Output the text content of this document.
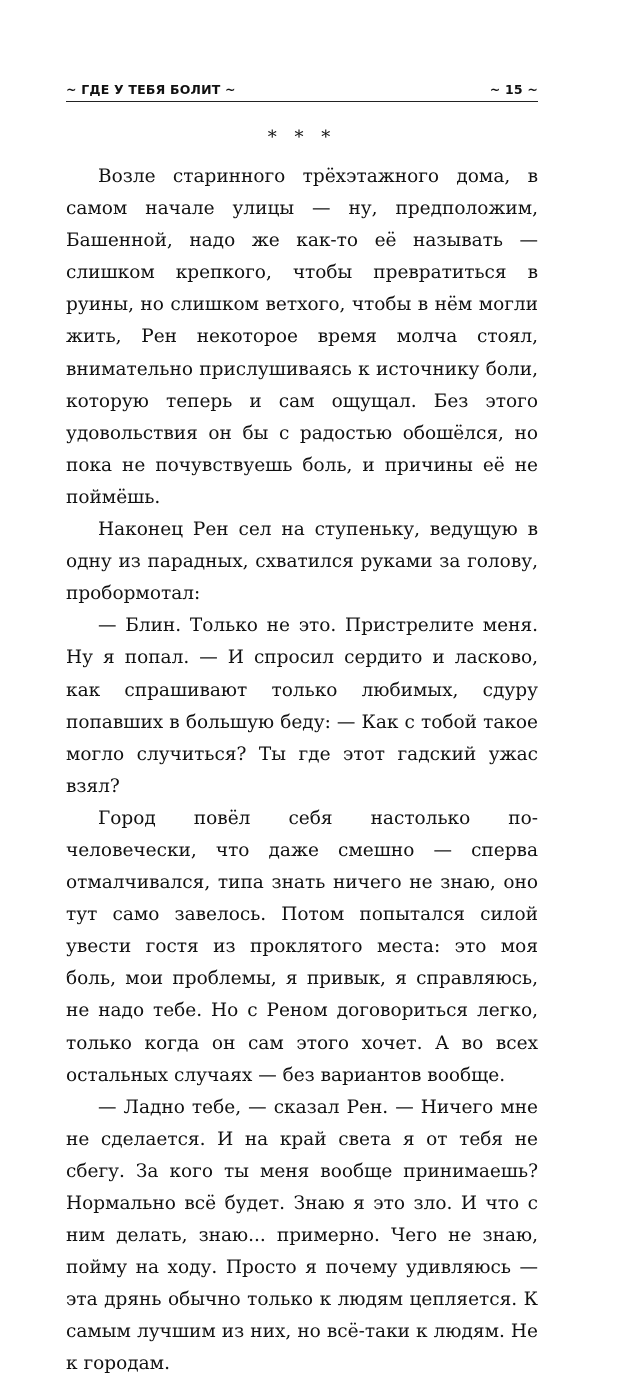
~ ГДЕ У ТЕБЯ БОЛИТ ~	~ 15 ~
* * *

Возле старинного трёхэтажного дома, в самом начале улицы — ну, предположим, Башенной, надо же как-то её называть — слишком крепкого, чтобы превратиться в руины, но слишком ветхого, чтобы в нём могли жить, Рен некоторое время молча стоял, внимательно прислушиваясь к источнику боли, которую теперь и сам ощущал. Без этого удовольствия он бы с радостью обошёлся, но пока не почувствуешь боль, и причины её не поймёшь.

Наконец Рен сел на ступеньку, ведущую в одну из парадных, схватился руками за голову, пробормотал:

— Блин. Только не это. Пристрелите меня. Ну я попал. — И спросил сердито и ласково, как спрашивают только любимых, сдуру попавших в большую беду: — Как с тобой такое могло случиться? Ты где этот гадский ужас взял?

Город повёл себя настолько по-человечески, что даже смешно — сперва отмалчивался, типа знать ничего не знаю, оно тут само завелось. Потом попытался силой увести гостя из проклятого места: это моя боль, мои проблемы, я привык, я справляюсь, не надо тебе. Но с Реном договориться легко, только когда он сам этого хочет. А во всех остальных случаях — без вариантов вообще.

— Ладно тебе, — сказал Рен. — Ничего мне не сделается. И на край света я от тебя не сбегу. За кого ты меня вообще принимаешь? Нормально всё будет. Знаю я это зло. И что с ним делать, знаю... примерно. Чего не знаю, пойму на ходу. Просто я почему удивляюсь — эта дрянь обычно только к людям цепляется. К самым лучшим из них, но всё-таки к людям. Не к городам.
